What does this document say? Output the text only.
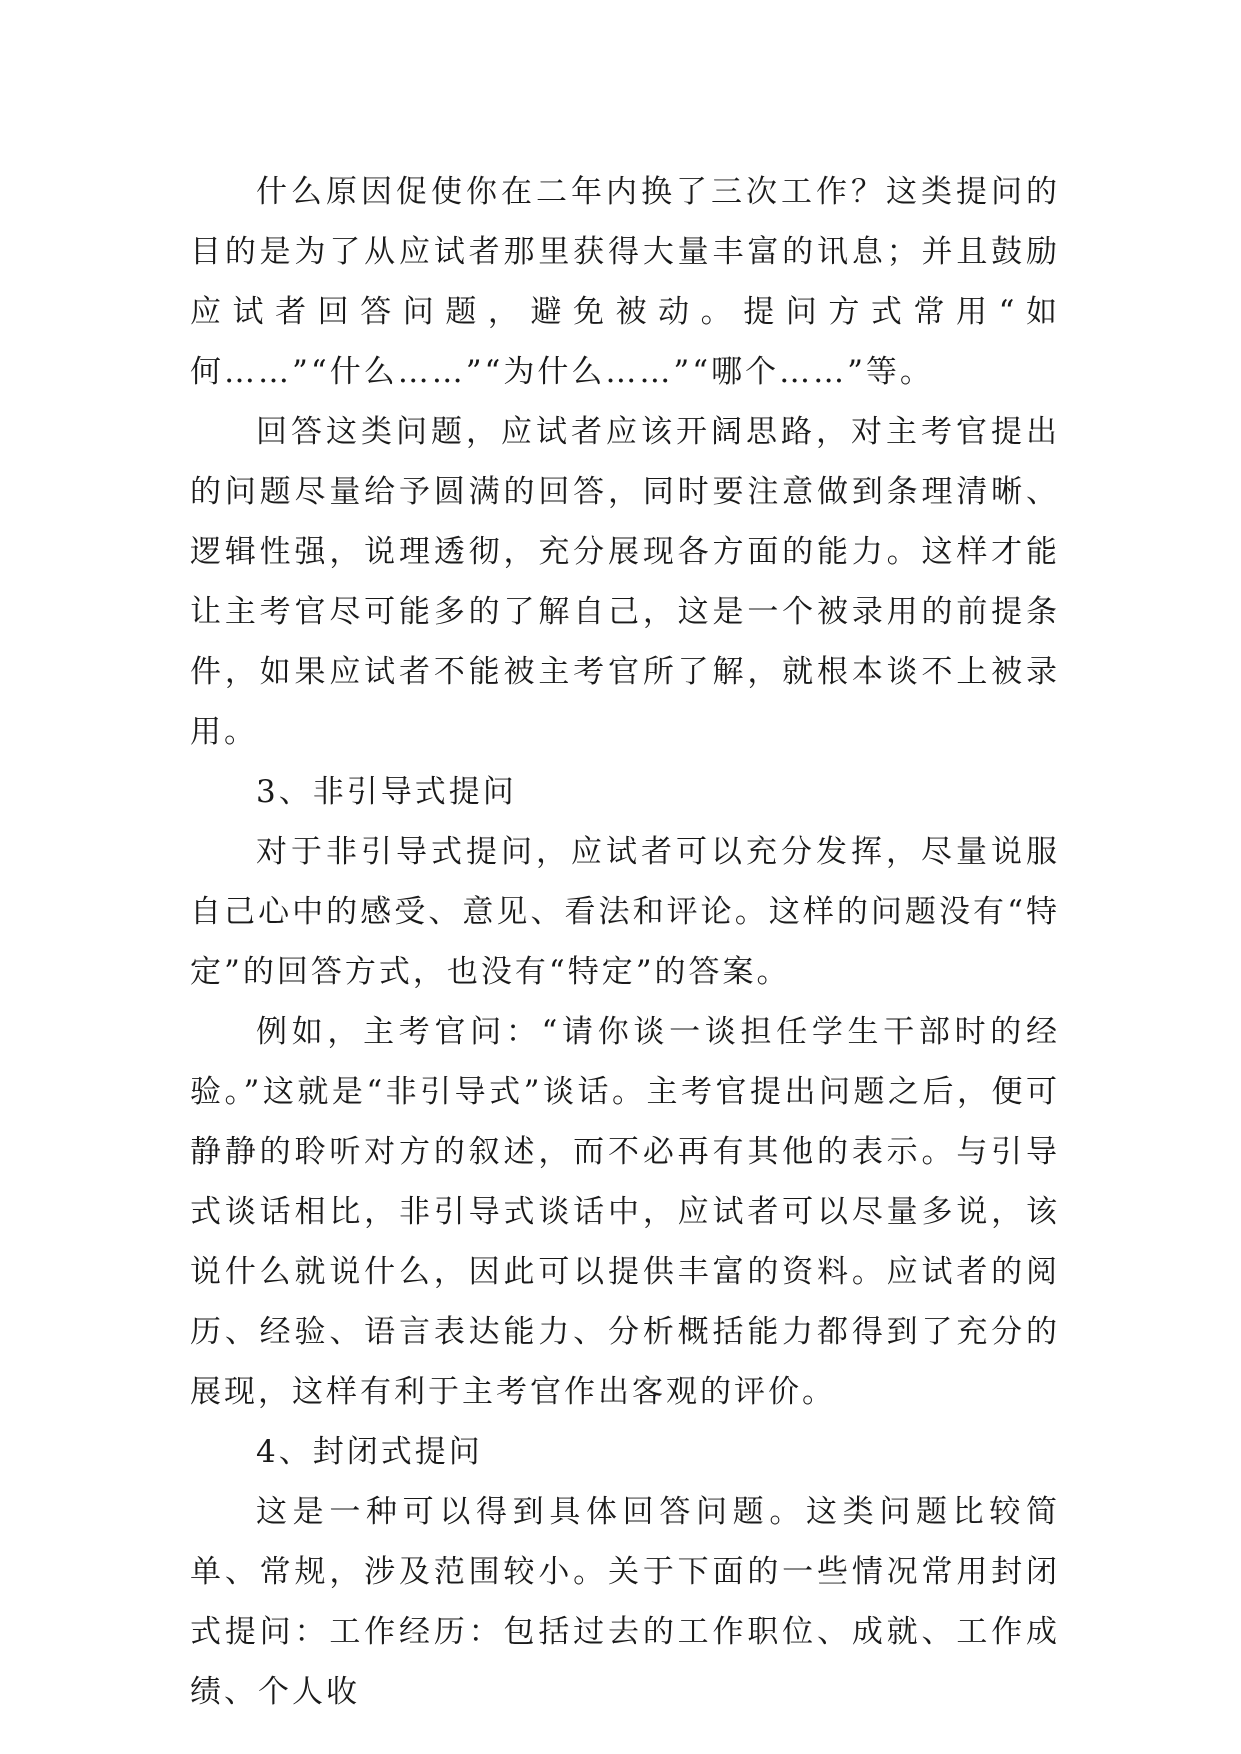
什么原因促使你在二年内换了三次工作？这类提问的目的是为了从应试者那里获得大量丰富的讯息；并且鼓励应试者回答问题，避免被动。提问方式常用“如何……”“什么……”“为什么……”“哪个……”等。

回答这类问题，应试者应该开阔思路，对主考官提出的问题尽量给予圆满的回答，同时要注意做到条理清晰、逻辑性强，说理透彻，充分展现各方面的能力。这样才能让主考官尽可能多的了解自己，这是一个被录用的前提条件，如果应试者不能被主考官所了解，就根本谈不上被录用。

3、非引导式提问

对于非引导式提问，应试者可以充分发挥，尽量说服自己心中的感受、意见、看法和评论。这样的问题没有“特定”的回答方式，也没有“特定”的答案。

例如，主考官问：“请你谈一谈担任学生干部时的经验。”这就是“非引导式”谈话。主考官提出问题之后，便可静静的聆听对方的叙述，而不必再有其他的表示。与引导式谈话相比，非引导式谈话中，应试者可以尽量多说，该说什么就说什么，因此可以提供丰富的资料。应试者的阅历、经验、语言表达能力、分析概括能力都得到了充分的展现，这样有利于主考官作出客观的评价。

4、封闭式提问

这是一种可以得到具体回答问题。这类问题比较简单、常规，涉及范围较小。关于下面的一些情况常用封闭式提问：工作经历：包括过去的工作职位、成就、工作成绩、个人收
